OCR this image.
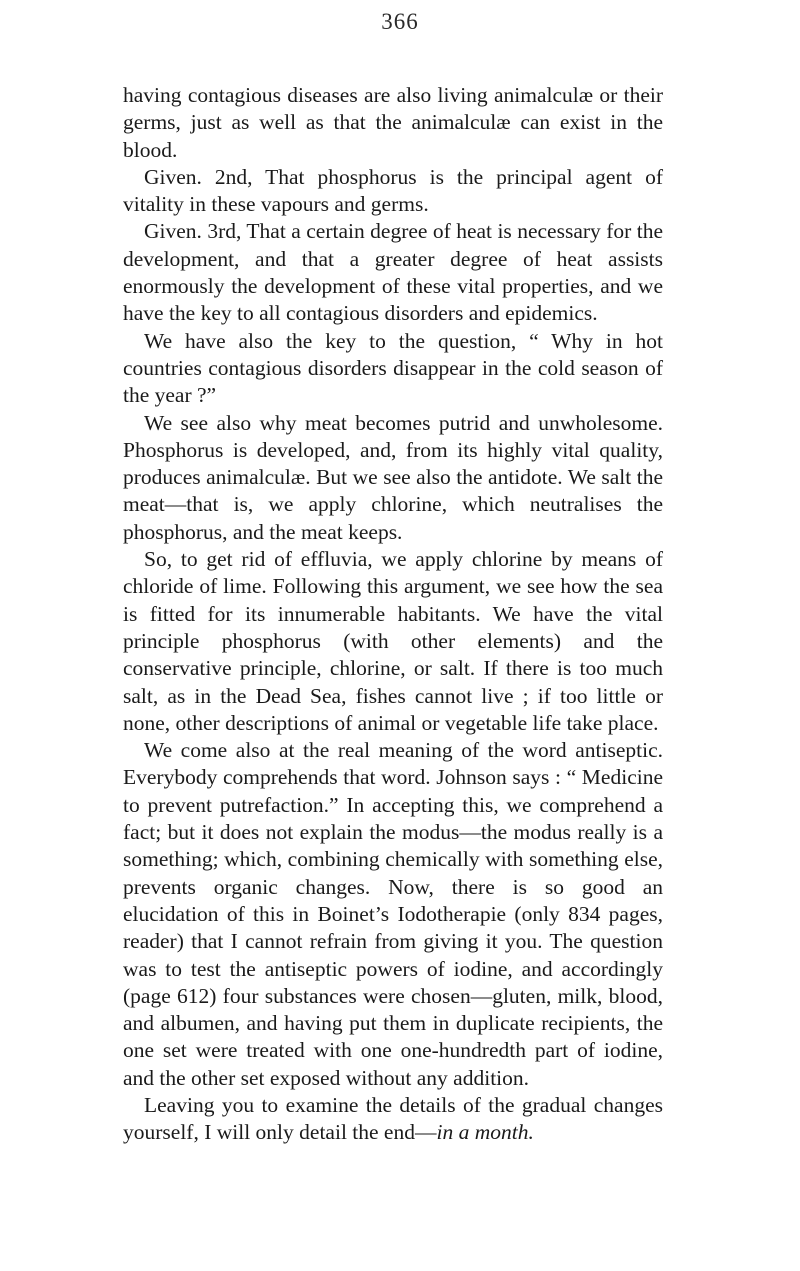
366

having contagious diseases are also living animalculæ or their germs, just as well as that the animalculæ can exist in the blood.

Given. 2nd, That phosphorus is the principal agent of vitality in these vapours and germs.

Given. 3rd, That a certain degree of heat is necessary for the development, and that a greater degree of heat assists enormously the development of these vital properties, and we have the key to all contagious disorders and epidemics.

We have also the key to the question, “ Why in hot countries contagious disorders disappear in the cold season of the year ?”

We see also why meat becomes putrid and unwholesome. Phosphorus is developed, and, from its highly vital quality, produces animalculæ. But we see also the antidote. We salt the meat—that is, we apply chlorine, which neutralises the phosphorus, and the meat keeps.

So, to get rid of effluvia, we apply chlorine by means of chloride of lime. Following this argument, we see how the sea is fitted for its innumerable habitants. We have the vital principle phosphorus (with other elements) and the conservative principle, chlorine, or salt. If there is too much salt, as in the Dead Sea, fishes cannot live ; if too little or none, other descriptions of animal or vegetable life take place.

We come also at the real meaning of the word antiseptic. Everybody comprehends that word. Johnson says : “ Medicine to prevent putrefaction.” In accepting this, we comprehend a fact; but it does not explain the modus—the modus really is a something; which, combining chemically with something else, prevents organic changes. Now, there is so good an elucidation of this in Boinet’s Iodotherapie (only 834 pages, reader) that I cannot refrain from giving it you. The question was to test the antiseptic powers of iodine, and accordingly (page 612) four substances were chosen—gluten, milk, blood, and albumen, and having put them in duplicate recipients, the one set were treated with one one-hundredth part of iodine, and the other set exposed without any addition.

Leaving you to examine the details of the gradual changes yourself, I will only detail the end—in a month.
